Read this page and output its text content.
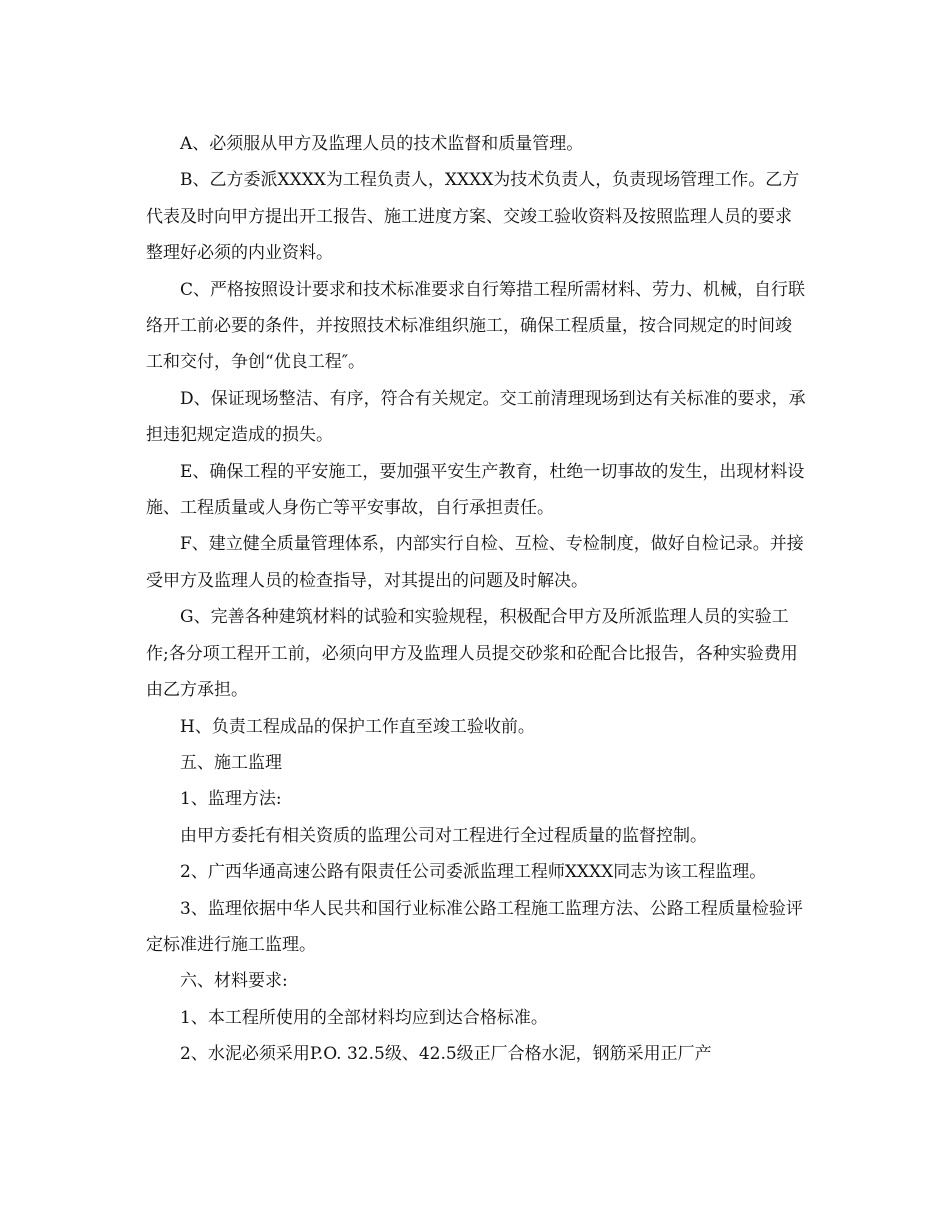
A、必须服从甲方及监理人员的技术监督和质量管理。

B、乙方委派XXXX为工程负责人，XXXX为技术负责人，负责现场管理工作。乙方代表及时向甲方提出开工报告、施工进度方案、交竣工验收资料及按照监理人员的要求整理好必须的内业资料。

C、严格按照设计要求和技术标准要求自行筹措工程所需材料、劳力、机械，自行联络开工前必要的条件，并按照技术标准组织施工，确保工程质量，按合同规定的时间竣工和交付，争创“优良工程″。

D、保证现场整洁、有序，符合有关规定。交工前清理现场到达有关标准的要求，承担违犯规定造成的损失。

E、确保工程的平安施工，要加强平安生产教育，杜绝一切事故的发生，出现材料设施、工程质量或人身伤亡等平安事故，自行承担责任。

F、建立健全质量管理体系，内部实行自检、互检、专检制度，做好自检记录。并接受甲方及监理人员的检查指导，对其提出的问题及时解决。

G、完善各种建筑材料的试验和实验规程，积极配合甲方及所派监理人员的实验工作;各分项工程开工前，必须向甲方及监理人员提交砂浆和砼配合比报告，各种实验费用由乙方承担。

H、负责工程成品的保护工作直至竣工验收前。

五、施工监理

1、监理方法:

由甲方委托有相关资质的监理公司对工程进行全过程质量的监督控制。

2、广西华通高速公路有限责任公司委派监理工程师XXXX同志为该工程监理。

3、监理依据中华人民共和国行业标准公路工程施工监理方法、公路工程质量检验评定标准进行施工监理。

六、材料要求:

1、本工程所使用的全部材料均应到达合格标准。

2、水泥必须采用P.O. 32.5级、42.5级正厂合格水泥，钢筋采用正厂产
